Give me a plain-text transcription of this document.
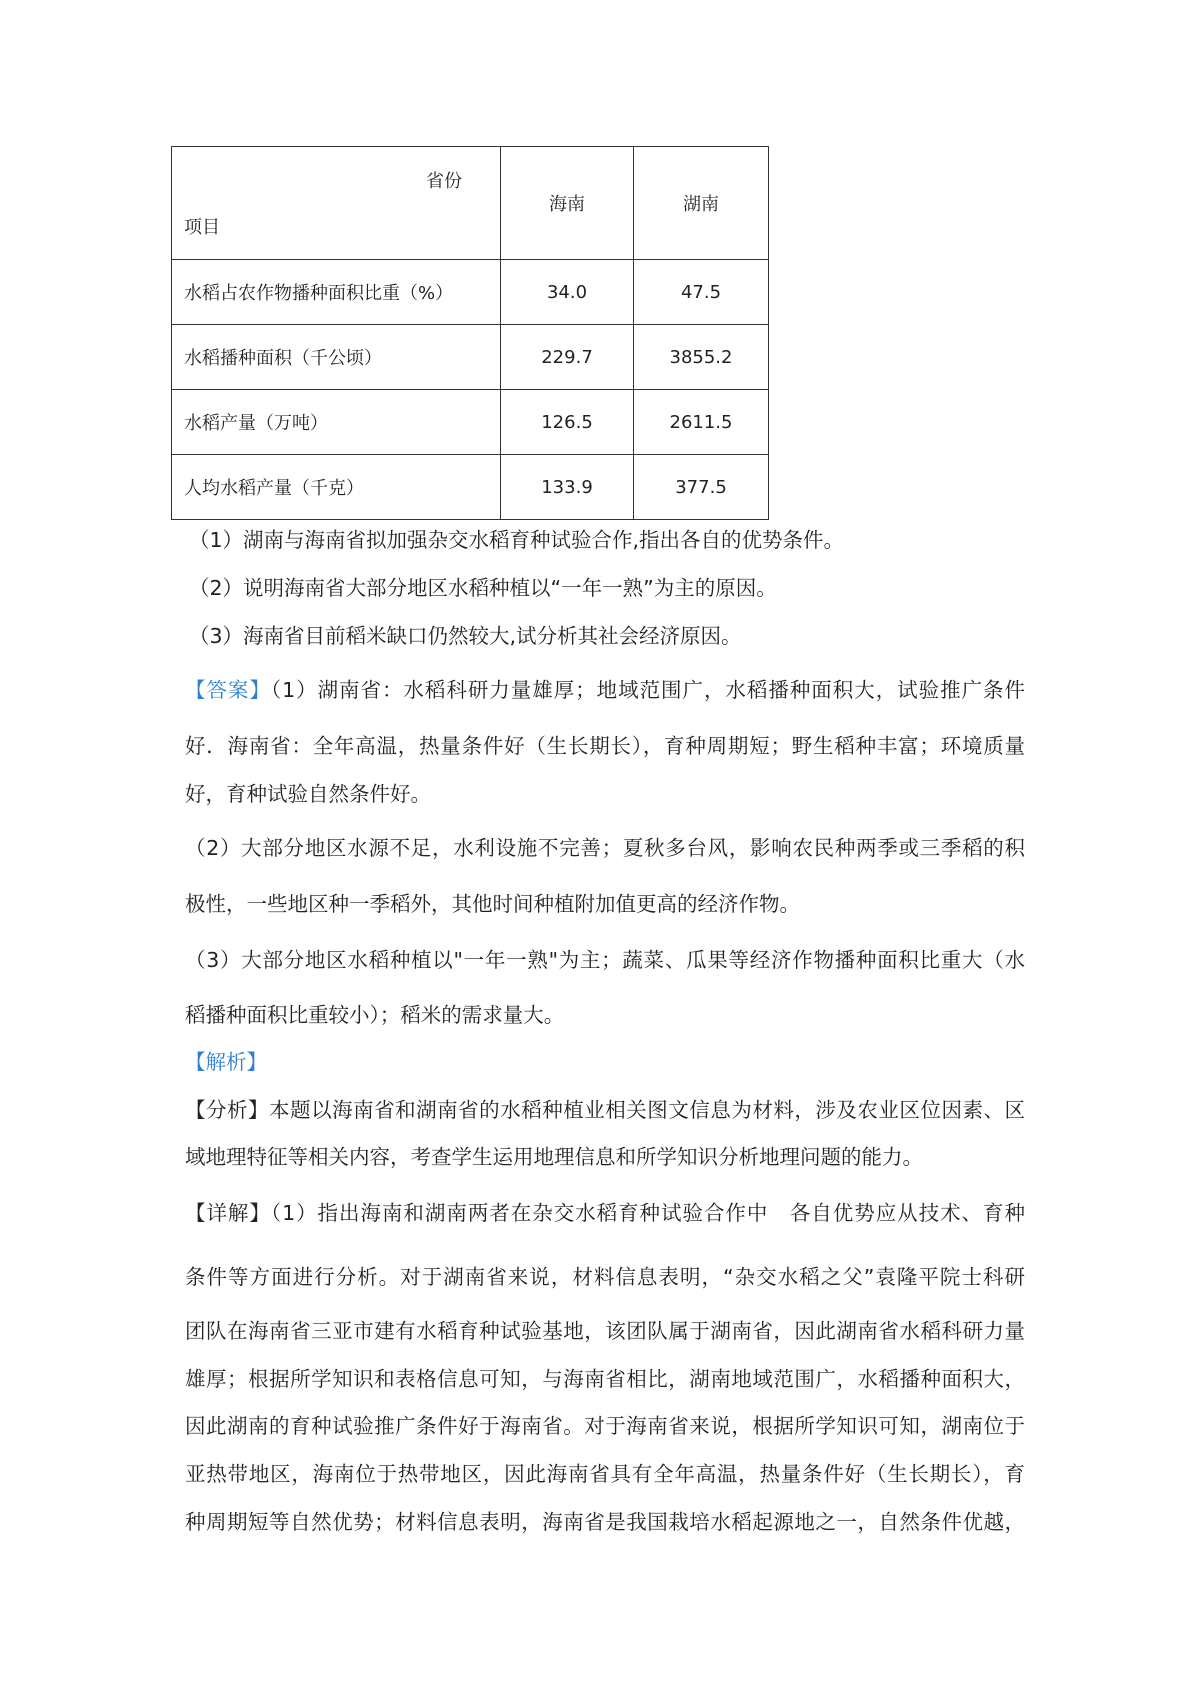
省份
项目	海南	湖南
水稻占农作物播种面积比重（%）	34.0	47.5
水稻播种面积（千公顷）	229.7	3855.2
水稻产量（万吨）	126.5	2611.5
人均水稻产量（千克）	133.9	377.5
（1）湖南与海南省拟加强杂交水稻育种试验合作,指出各自的优势条件。
（2）说明海南省大部分地区水稻种植以“一年一熟”为主的原因。
（3）海南省目前稻米缺口仍然较大,试分析其社会经济原因。
【答案】（1）湖南省：水稻科研力量雄厚；地域范围广，水稻播种面积大，试验推广条件
好．海南省：全年高温，热量条件好（生长期长），育种周期短；野生稻种丰富；环境质量
好，育种试验自然条件好。
（2）大部分地区水源不足，水利设施不完善；夏秋多台风，影响农民种两季或三季稻的积
极性，一些地区种一季稻外，其他时间种植附加值更高的经济作物。
（3）大部分地区水稻种植以"一年一熟"为主；蔬菜、瓜果等经济作物播种面积比重大（水
稻播种面积比重较小）；稻米的需求量大。
【解析】
【分析】本题以海南省和湖南省的水稻种植业相关图文信息为材料，涉及农业区位因素、区
域地理特征等相关内容，考查学生运用地理信息和所学知识分析地理问题的能力。
【详解】（1）指出海南和湖南两者在杂交水稻育种试验合作中　各自优势应从技术、育种
条件等方面进行分析。对于湖南省来说，材料信息表明，“杂交水稻之父”袁隆平院士科研
团队在海南省三亚市建有水稻育种试验基地，该团队属于湖南省，因此湖南省水稻科研力量
雄厚；根据所学知识和表格信息可知，与海南省相比，湖南地域范围广，水稻播种面积大，
因此湖南的育种试验推广条件好于海南省。对于海南省来说，根据所学知识可知，湖南位于
亚热带地区，海南位于热带地区，因此海南省具有全年高温，热量条件好（生长期长），育
种周期短等自然优势；材料信息表明，海南省是我国栽培水稻起源地之一，自然条件优越，
